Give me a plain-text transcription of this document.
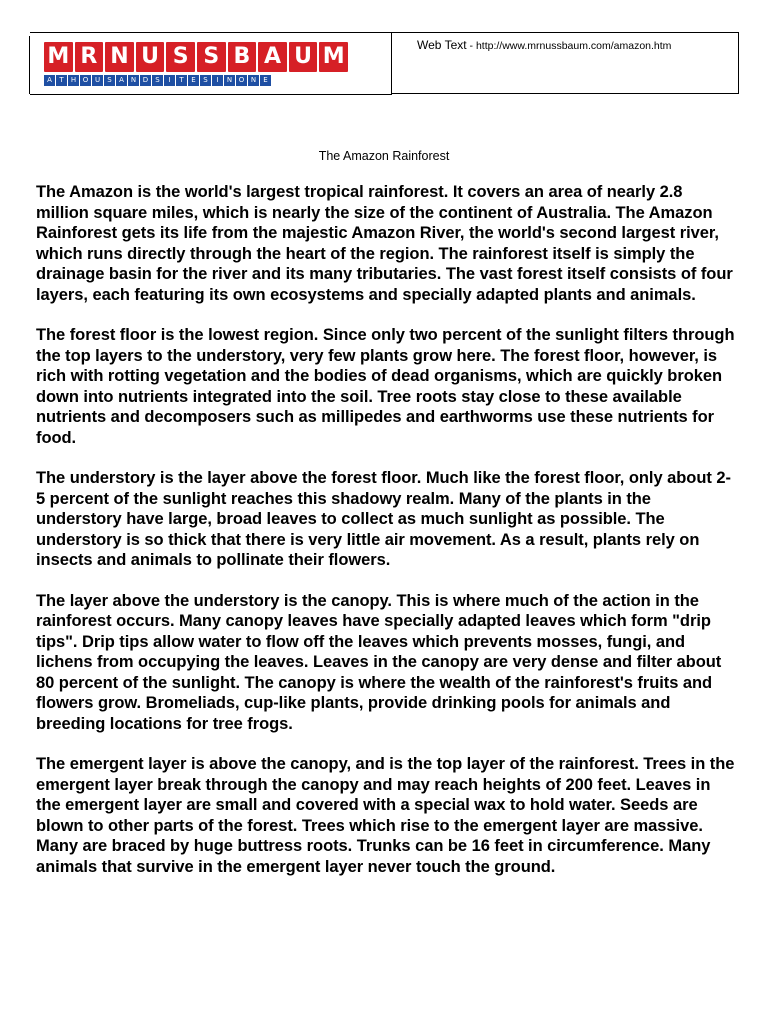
M R N U S S B A U M
A	T	H O U	S	A N D	S	I	T	E	S	I	N O N	E
Web Text - http://www.mrnussbaum.com/amazon.htm
The Amazon Rainforest

The Amazon is the world's largest tropical rainforest. It covers an area of nearly 2.8 million square miles, which is nearly the size of the continent of Australia. The Amazon Rainforest gets its life from the majestic Amazon River, the world's second largest river, which runs directly through the heart of the region. The rainforest itself is simply the drainage basin for the river and its many tributaries. The vast forest itself consists of four layers, each featuring its own ecosystems and specially adapted plants and animals.

The forest floor is the lowest region. Since only two percent of the sunlight filters through the top layers to the understory, very few plants grow here. The forest floor, however, is rich with rotting vegetation and the bodies of dead organisms, which are quickly broken down into nutrients integrated into the soil. Tree roots stay close to these available nutrients and decomposers such as millipedes and earthworms use these nutrients for food.

The understory is the layer above the forest floor. Much like the forest floor, only about 2- 5 percent of the sunlight reaches this shadowy realm. Many of the plants in the understory have large, broad leaves to collect as much sunlight as possible. The understory is so thick that there is very little air movement. As a result, plants rely on insects and animals to pollinate their flowers.

The layer above the understory is the canopy. This is where much of the action in the rainforest occurs. Many canopy leaves have specially adapted leaves which form "drip tips". Drip tips allow water to flow off the leaves which prevents mosses, fungi, and lichens from occupying the leaves. Leaves in the canopy are very dense and filter about 80 percent of the sunlight. The canopy is where the wealth of the rainforest's fruits and flowers grow. Bromeliads, cup-like plants, provide drinking pools for animals and breeding locations for tree frogs.

The emergent layer is above the canopy, and is the top layer of the rainforest. Trees in the emergent layer break through the canopy and may reach heights of 200 feet. Leaves in the emergent layer are small and covered with a special wax to hold water. Seeds are blown to other parts of the forest. Trees which rise to the emergent layer are massive. Many are braced by huge buttress roots. Trunks can be 16 feet in circumference. Many animals that survive in the emergent layer never touch the ground.
